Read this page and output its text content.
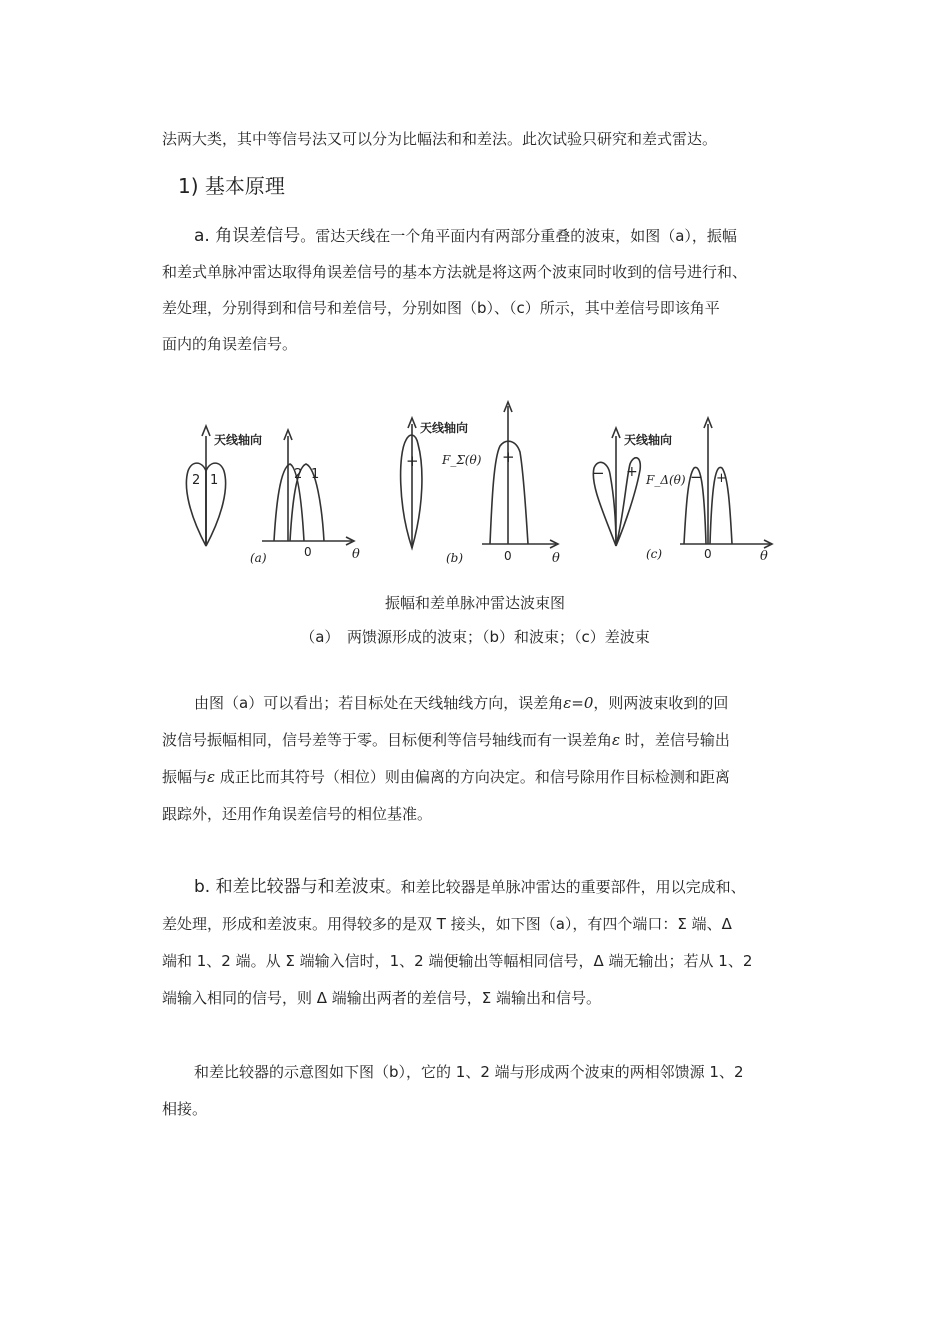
法两大类，其中等信号法又可以分为比幅法和和差法。此次试验只研究和差式雷达。
1) 基本原理
a. 角误差信号。雷达天线在一个角平面内有两部分重叠的波束，如图（a），振幅
和差式单脉冲雷达取得角误差信号的基本方法就是将这两个波束同时收到的信号进行和、
差处理，分别得到和信号和差信号，分别如图（b）、（c）所示，其中差信号即该角平
面内的角误差信号。
天线轴向
2 1	2 1
0	θ
(a)
天线轴向
+ F_Σ(θ) +
0	θ
(b)
天线轴向
− + F_Δ(θ) − +
0	θ
(c)
振幅和差单脉冲雷达波束图
（a）　两馈源形成的波束；（b）和波束；（c）差波束
由图（a）可以看出；若目标处在天线轴线方向，误差角ε=0，则两波束收到的回
波信号振幅相同，信号差等于零。目标便利等信号轴线而有一误差角ε 时，差信号输出
振幅与ε 成正比而其符号（相位）则由偏离的方向决定。和信号除用作目标检测和距离
跟踪外，还用作角误差信号的相位基准。
b. 和差比较器与和差波束。和差比较器是单脉冲雷达的重要部件，用以完成和、
差处理，形成和差波束。用得较多的是双 T 接头，如下图（a），有四个端口：Σ 端、Δ
端和 1、2 端。从 Σ 端输入信时，1、2 端便输出等幅相同信号，Δ 端无输出；若从 1、2
端输入相同的信号，则 Δ 端输出两者的差信号，Σ 端输出和信号。
和差比较器的示意图如下图（b），它的 1、2 端与形成两个波束的两相邻馈源 1、2
相接。
